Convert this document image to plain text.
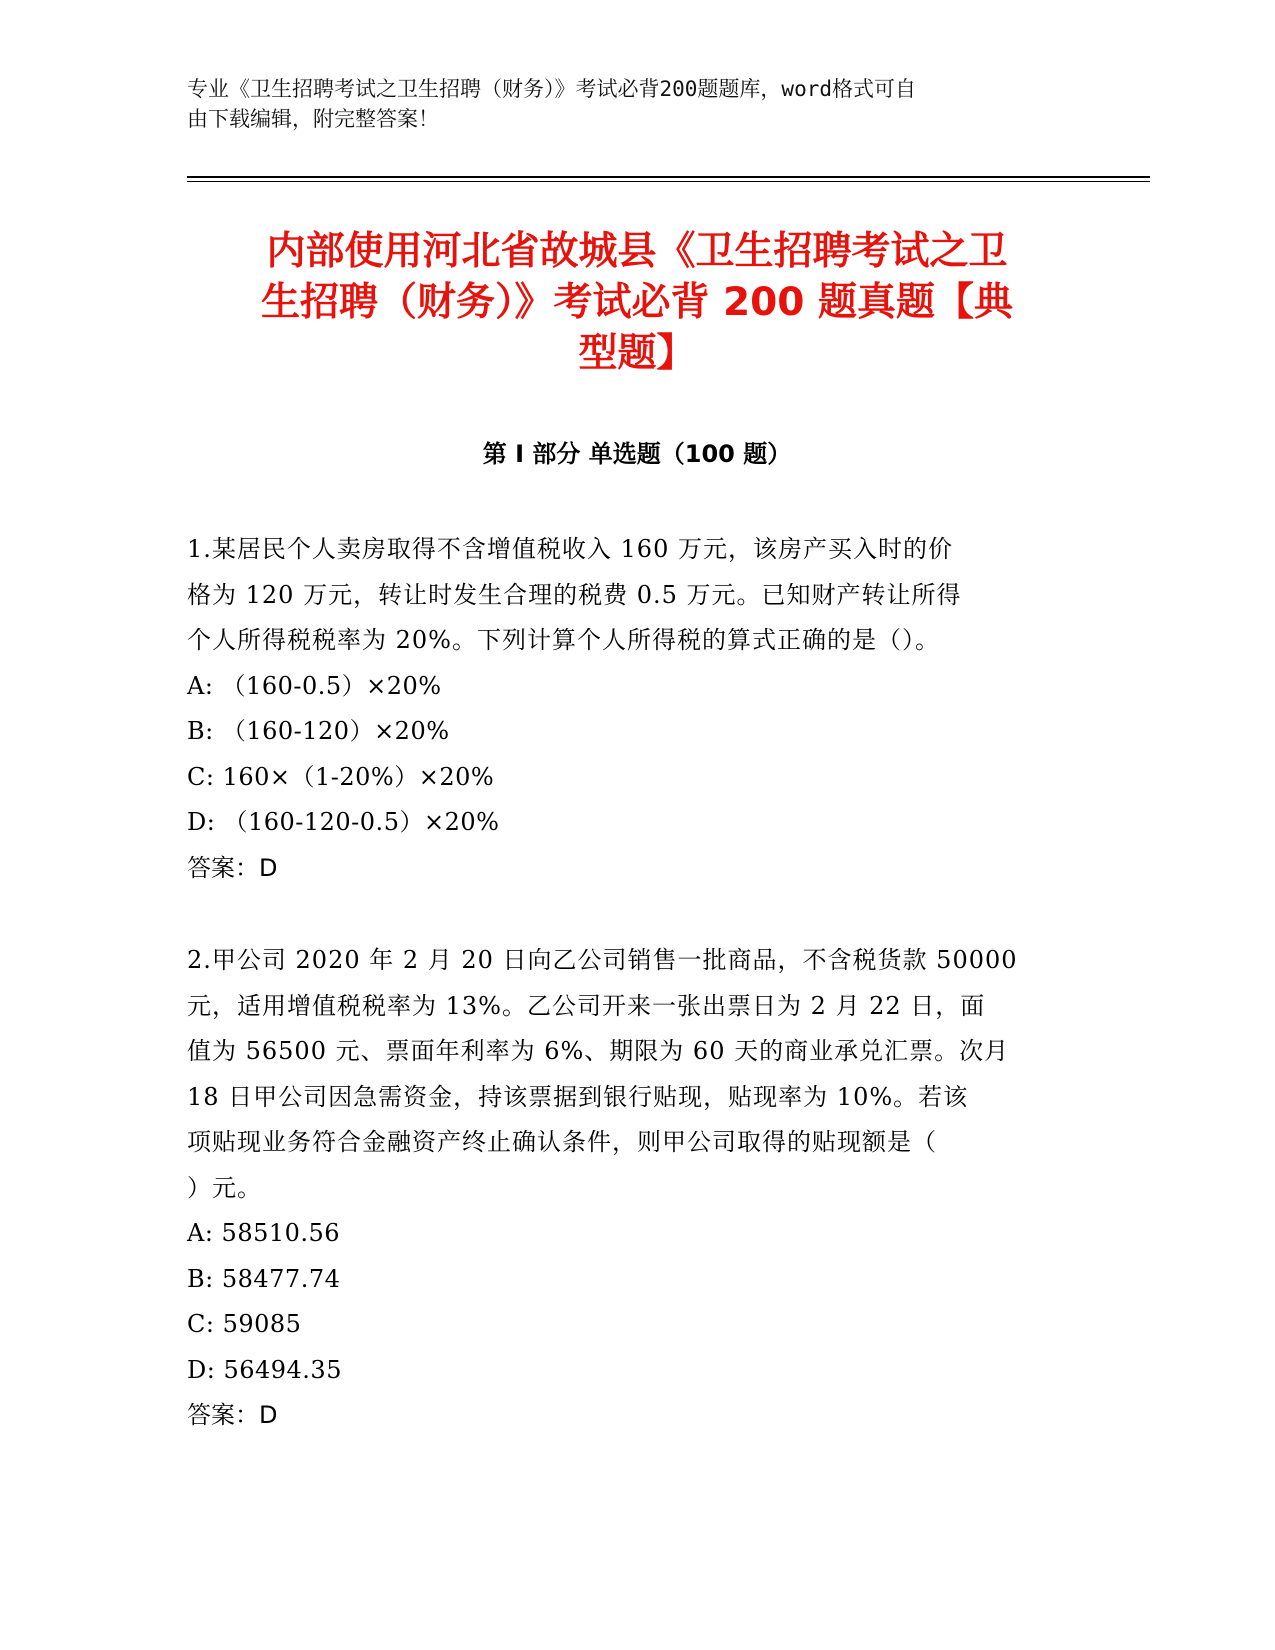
专业《卫生招聘考试之卫生招聘（财务）》考试必背200题题库，word格式可自
由下载编辑，附完整答案！

内部使用河北省故城县《卫生招聘考试之卫
生招聘（财务）》考试必背 200 题真题【典
型题】
第 I 部分 单选题（100 题）

1.某居民个人卖房取得不含增值税收入 160 万元，该房产买入时的价
格为 120 万元，转让时发生合理的税费 0.5 万元。已知财产转让所得
个人所得税税率为 20%。下列计算个人所得税的算式正确的是（）。

A: （160-0.5）×20%

B: （160-120）×20%

C: 160×（1-20%）×20%

D: （160-120-0.5）×20%

答案：D

2.甲公司 2020 年 2 月 20 日向乙公司销售一批商品，不含税货款 50000
元，适用增值税税率为 13%。乙公司开来一张出票日为 2 月 22 日，面
值为 56500 元、票面年利率为 6%、期限为 60 天的商业承兑汇票。次月
18 日甲公司因急需资金，持该票据到银行贴现，贴现率为 10%。若该
项贴现业务符合金融资产终止确认条件，则甲公司取得的贴现额是（
）元。

A: 58510.56

B: 58477.74

C: 59085

D: 56494.35

答案：D
